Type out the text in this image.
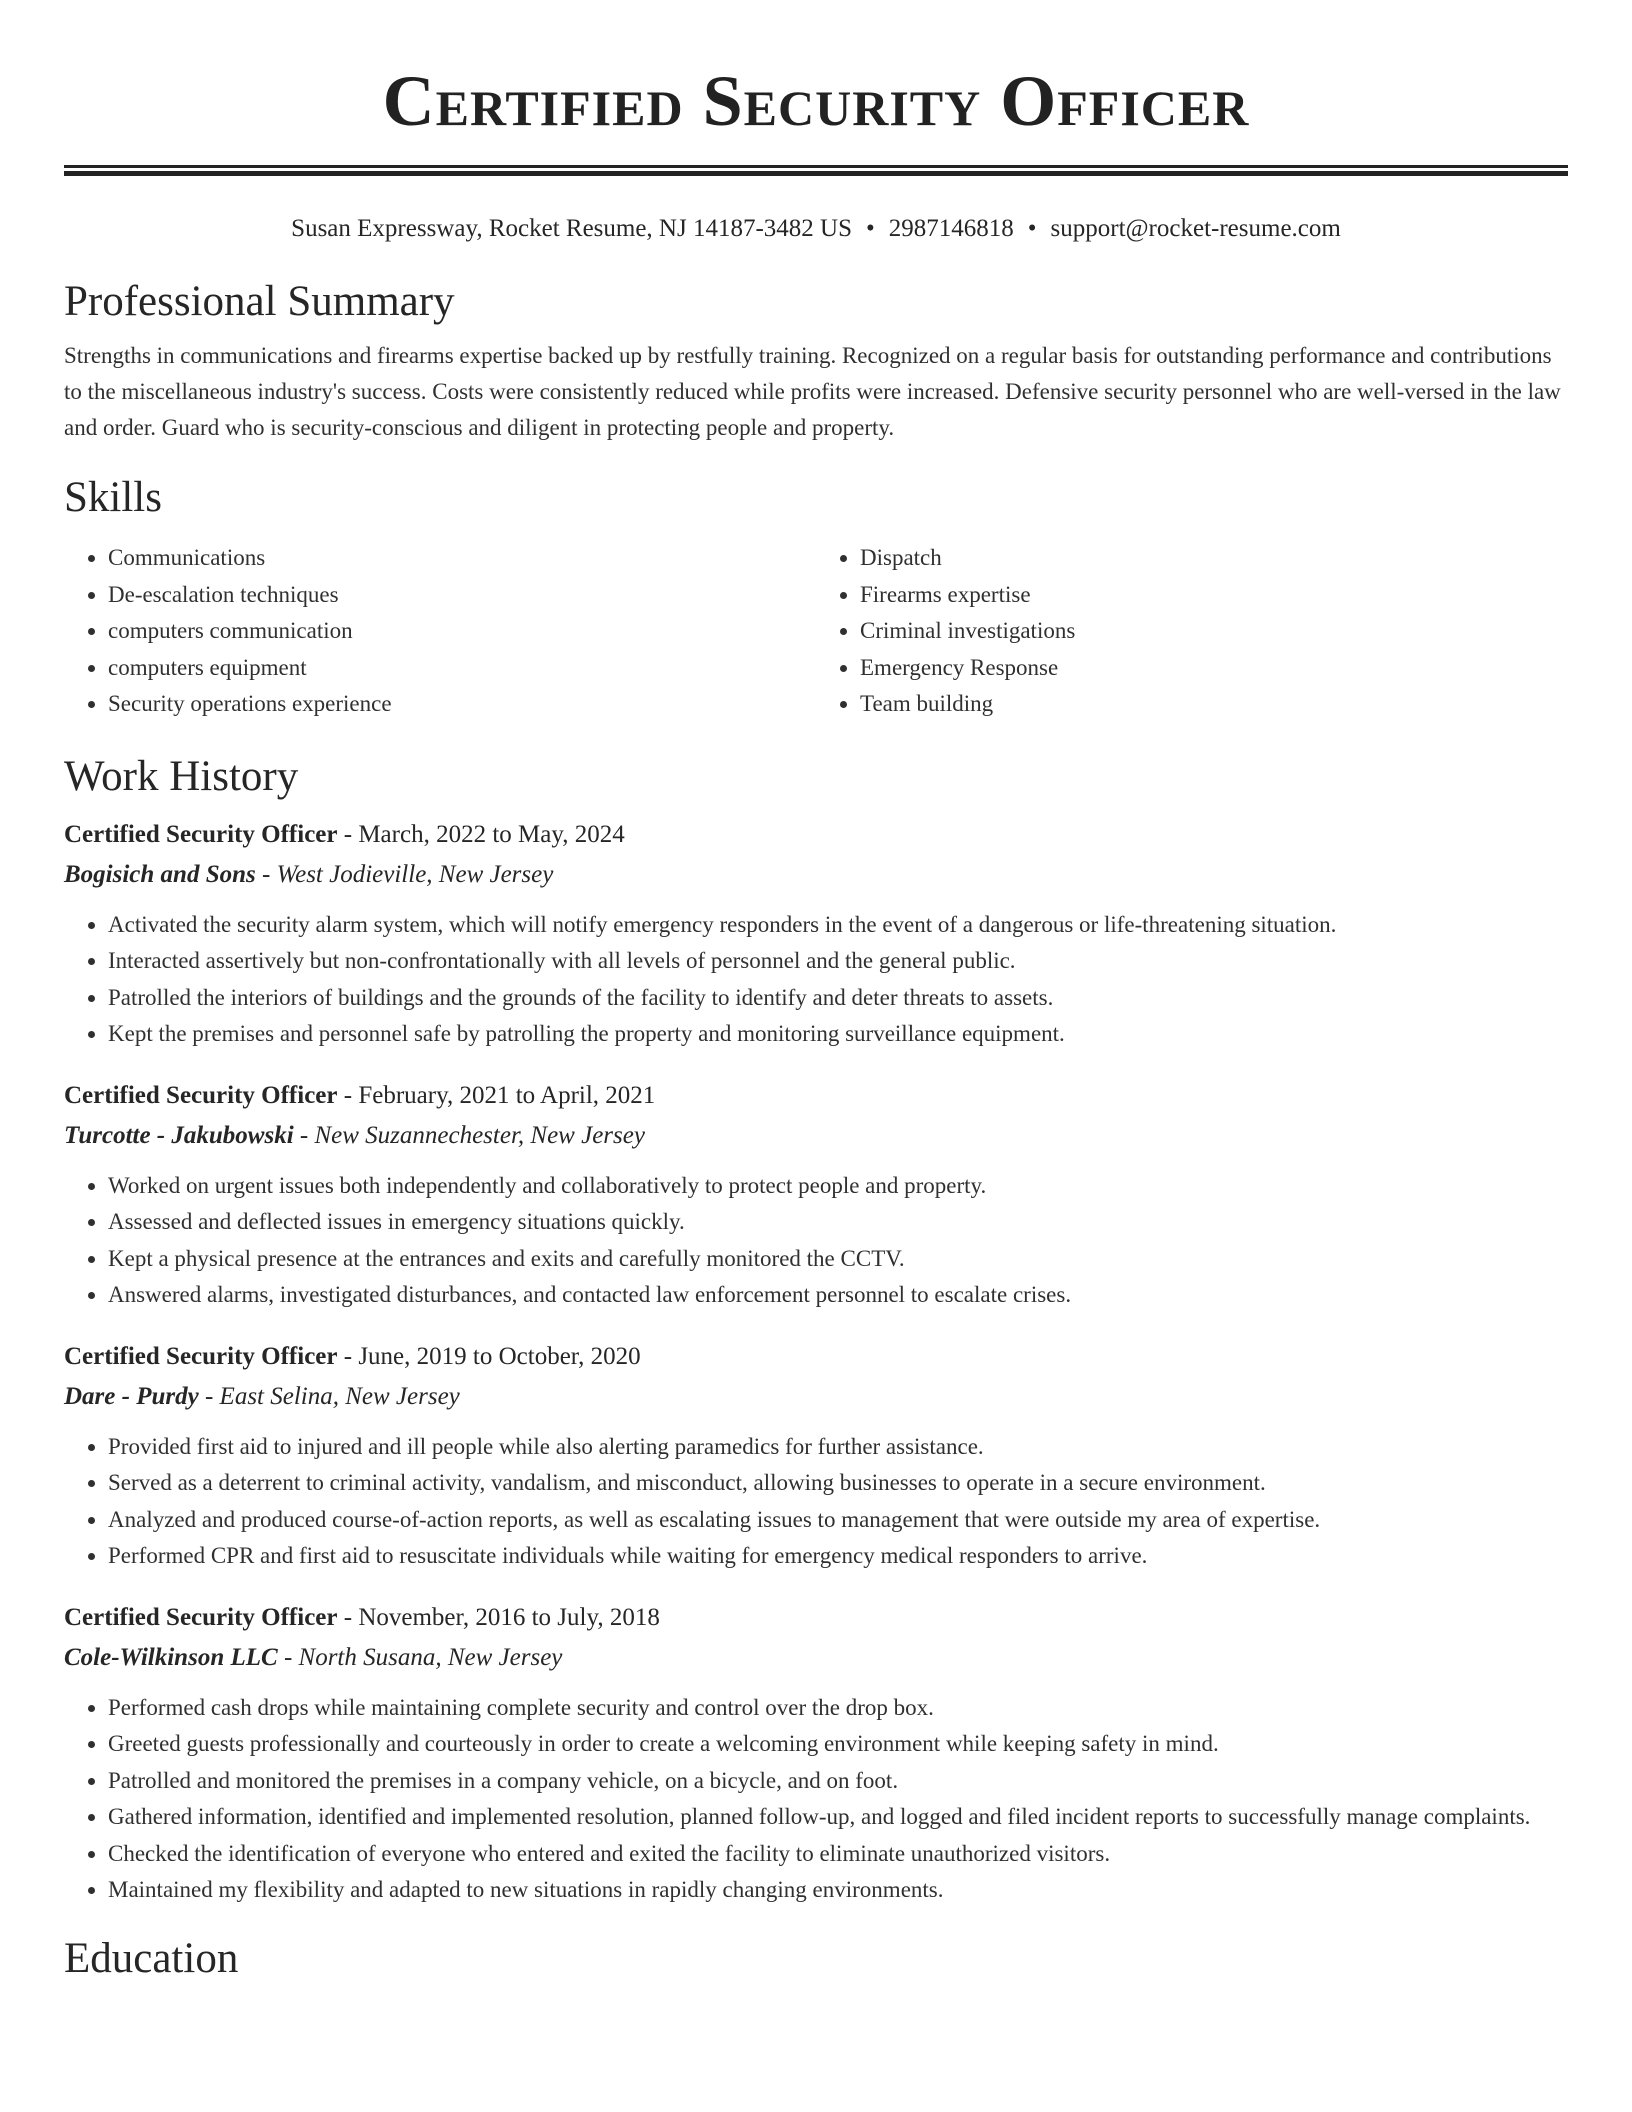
Certified Security Officer
Susan Expressway, Rocket Resume, NJ 14187-3482 US • 2987146818 • support@rocket-resume.com
Professional Summary

Strengths in communications and firearms expertise backed up by restfully training. Recognized on a regular basis for outstanding performance and contributions to the miscellaneous industry's success. Costs were consistently reduced while profits were increased. Defensive security personnel who are well-versed in the law and order. Guard who is security-conscious and diligent in protecting people and property.

Skills
• Communications
• De-escalation techniques
• computers communication
• computers equipment
• Security operations experience
• Dispatch
• Firearms expertise
• Criminal investigations
• Emergency Response
• Team building
Work History
Certified Security Officer - March, 2022 to May, 2024
Bogisich and Sons - West Jodieville, New Jersey
• Activated the security alarm system, which will notify emergency responders in the event of a dangerous or life-threatening situation.
• Interacted assertively but non-confrontationally with all levels of personnel and the general public.
• Patrolled the interiors of buildings and the grounds of the facility to identify and deter threats to assets.
• Kept the premises and personnel safe by patrolling the property and monitoring surveillance equipment.
Certified Security Officer - February, 2021 to April, 2021
Turcotte - Jakubowski - New Suzannechester, New Jersey
• Worked on urgent issues both independently and collaboratively to protect people and property.
• Assessed and deflected issues in emergency situations quickly.
• Kept a physical presence at the entrances and exits and carefully monitored the CCTV.
• Answered alarms, investigated disturbances, and contacted law enforcement personnel to escalate crises.
Certified Security Officer - June, 2019 to October, 2020
Dare - Purdy - East Selina, New Jersey
• Provided first aid to injured and ill people while also alerting paramedics for further assistance.
• Served as a deterrent to criminal activity, vandalism, and misconduct, allowing businesses to operate in a secure environment.
• Analyzed and produced course-of-action reports, as well as escalating issues to management that were outside my area of expertise.
• Performed CPR and first aid to resuscitate individuals while waiting for emergency medical responders to arrive.
Certified Security Officer - November, 2016 to July, 2018
Cole-Wilkinson LLC - North Susana, New Jersey
• Performed cash drops while maintaining complete security and control over the drop box.
• Greeted guests professionally and courteously in order to create a welcoming environment while keeping safety in mind.
• Patrolled and monitored the premises in a company vehicle, on a bicycle, and on foot.
• Gathered information, identified and implemented resolution, planned follow-up, and logged and filed incident reports to successfully manage complaints.
• Checked the identification of everyone who entered and exited the facility to eliminate unauthorized visitors.
• Maintained my flexibility and adapted to new situations in rapidly changing environments.
Education
